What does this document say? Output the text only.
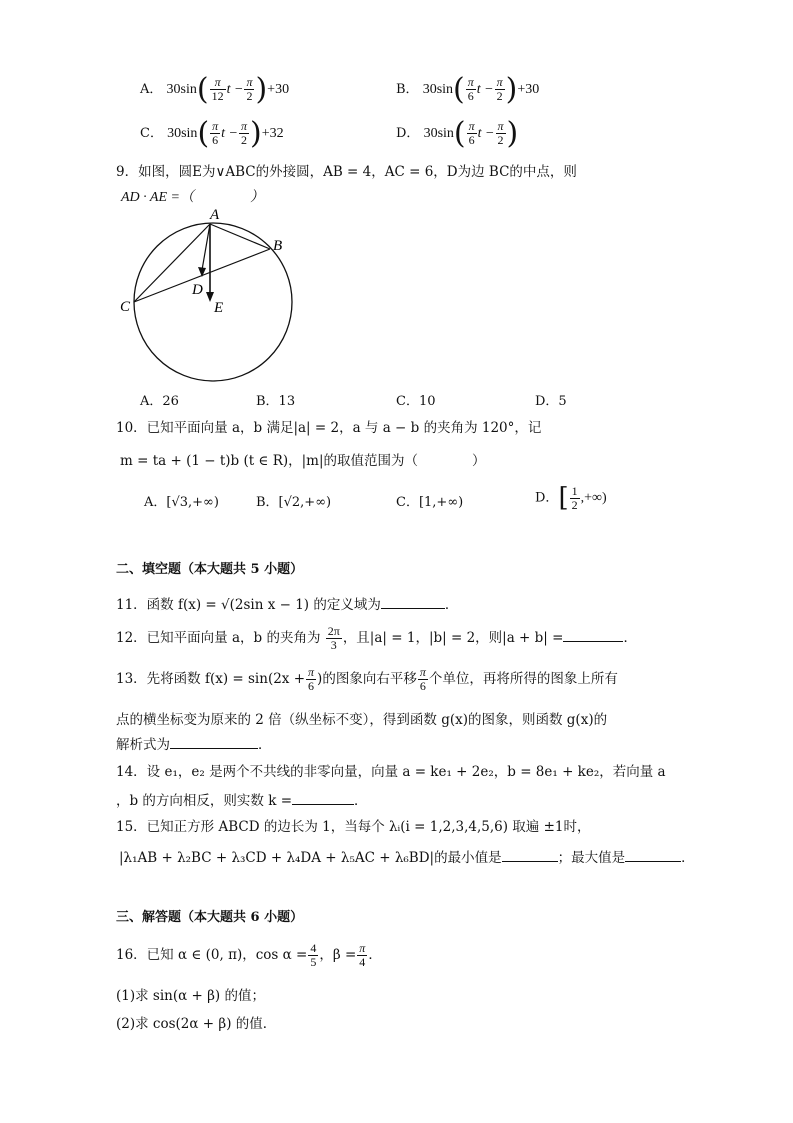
A． $30\sin( \frac{\pi}{12}$ $t - \frac{\pi}{2} )+30$	B． $30\sin( \frac{\pi}{6}$ $t - \frac{\pi}{2} )+30$
C． $30\sin( \frac{\pi}{6}$ $t - \frac{\pi}{2} )+32$	D． $30\sin( \frac{\pi}{6}$ $t - \frac{\pi}{2}$ )
9．如图，圆E为∨ABC的外接圆，AB = 4，AC = 6，D为边 BC的中点，则
AD · AE =（　　　　）
A
B
C
D
E
A．26	B．13	C．10	D．5
10．已知平面向量 a，b 满足|a| = 2，a 与 a − b 的夹角为 120°，记
m = ta + (1 − t)b (t ∈ R)，|m|的取值范围为（　　　　）
A．[√3,+∞)	B．[√2,+∞)	C．[1,+∞)	D．[ $\frac{1}{2}$ ,+∞)
二、填空题（本大题共 5 小题）
11．函数 f(x) = √(2sin x − 1) 的定义域为	．
12．已知平面向量 a，b 的夹角为 $\frac{2\pi}{3}$ ，且|a| = 1，|b| = 2，则|a + b| =	．
13．先将函数 $f(x) = \sin(2x + \frac{\pi}{6}$ )的图象向右平移 $\frac{\pi}{6}$ 个单位，再将所得的图象上所有
点的横坐标变为原来的 2 倍（纵坐标不变），得到函数 g(x)的图象，则函数 g(x)的
解析式为	．
14．设 e₁，e₂ 是两个不共线的非零向量，向量 a = ke₁ + 2e₂，b = 8e₁ + ke₂，若向量 a
，b 的方向相反，则实数 k =	．
15．已知正方形 ABCD 的边长为 1，当每个 λᵢ(i = 1,2,3,4,5,6) 取遍 ±1时，
|λ₁AB + λ₂BC + λ₃CD + λ₄DA + λ₅AC + λ₆BD|的最小值是	；最大值是	．
三、解答题（本大题共 6 小题）
16．已知 α ∈ (0, π)，$\cos \alpha = \frac{4}{5}$ ，$\beta = \frac{\pi}{4}$ ．
(1)求 sin(α + β) 的值；
(2)求 cos(2α + β) 的值．
